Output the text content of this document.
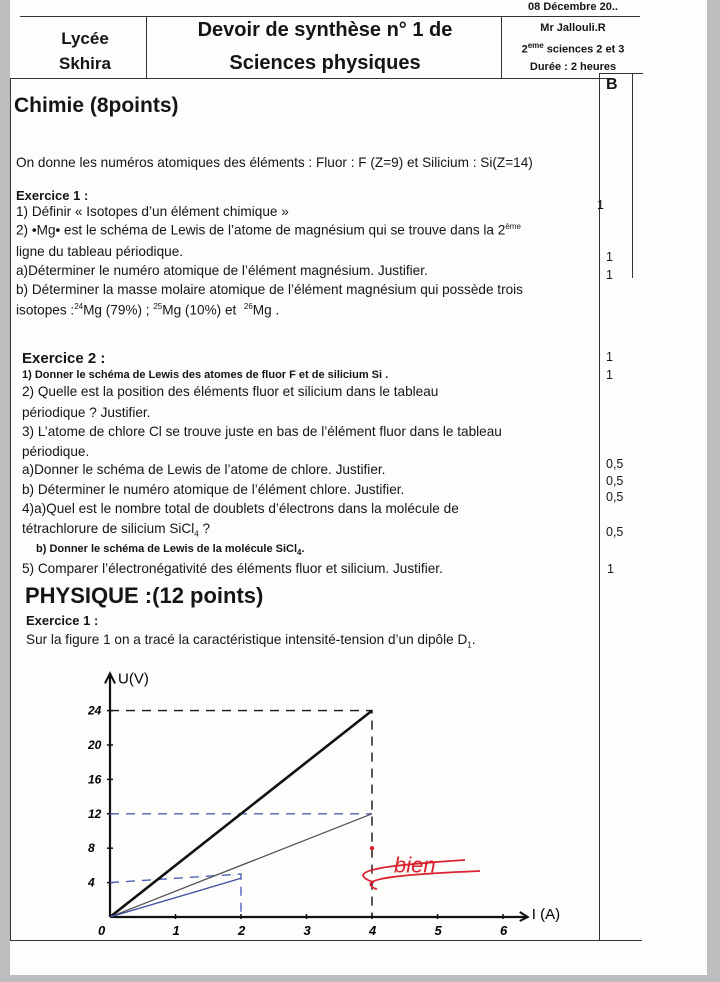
Lycée
Skhira
Devoir de synthèse n° 1 de
Sciences physiques
08 Décembre 20..
Mr Jallouli.R
2eme sciences 2 et 3
Durée : 2 heures
B
Chimie (8points)
On donne les numéros atomiques des éléments : Fluor : F (Z=9) et Silicium : Si(Z=14)
Exercice 1 :
1) Définir « Isotopes d’un élément chimique »
2) •Mg• est le schéma de Lewis de l’atome de magnésium qui se trouve dans la 2ème
ligne du tableau périodique.
a)Déterminer le numéro atomique de l’élément magnésium. Justifier.
b) Déterminer la masse molaire atomique de l’élément magnésium qui possède trois
isotopes :$^{24}$Mg (79%) ; $^{25}$Mg (10%) et $^{26}$Mg .
1
1
1
Exercice 2 :
1) Donner le schéma de Lewis des atomes de fluor F et de silicium Si .
2) Quelle est la position des éléments fluor et silicium dans le tableau
périodique ? Justifier.
3) L’atome de chlore Cl se trouve juste en bas de l’élément fluor dans le tableau
périodique.
a)Donner le schéma de Lewis de l’atome de chlore. Justifier.
b) Déterminer le numéro atomique de l’élément chlore. Justifier.
4)a)Quel est le nombre total de doublets d’électrons dans la molécule de
tétrachlorure de silicium SiCl$_4$ ?
b) Donner le schéma de Lewis de la molécule SiCl$_4$.
5) Comparer l’électronégativité des éléments fluor et silicium. Justifier.
1
1
0,5
0,5
0,5
0,5
1
PHYSIQUE :(12 points)
Exercice 1 :
Sur la figure 1 on a tracé la caractéristique intensité-tension d’un dipôle $D_1$.
U(V)
I (A)
0	1	2	3	4	5	6
4
8
12
16
20
24
bien
